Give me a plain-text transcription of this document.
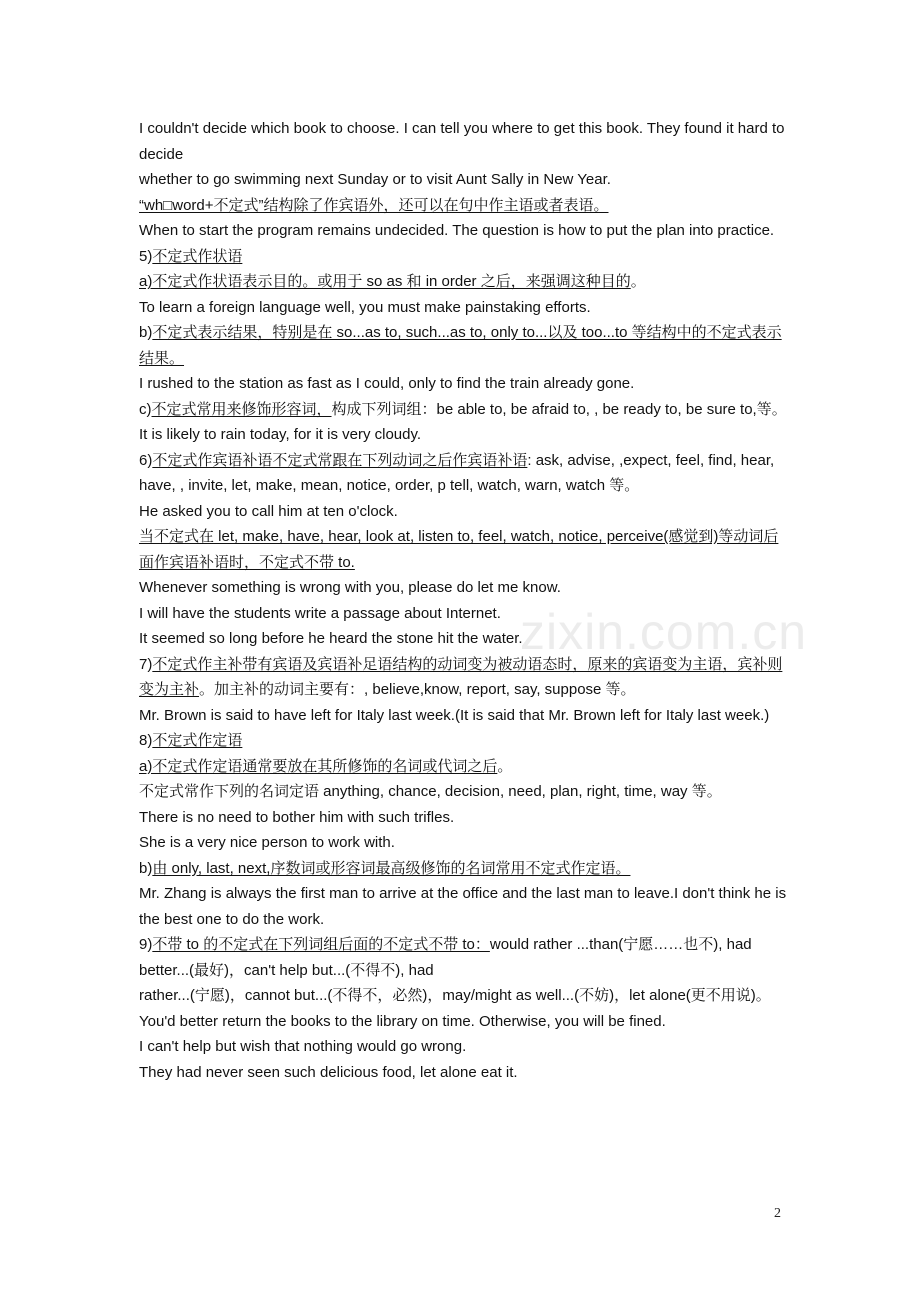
zixin.com.cn

I couldn't decide which book to choose. I can tell you where to get this book. They found it hard to decide

whether to go swimming next Sunday or to visit Aunt Sally in New Year.

“wh□word+不定式”结构除了作宾语外，还可以在句中作主语或者表语。

When to start the program remains undecided. The question is how to put the plan into practice.

5)不定式作状语

a)不定式作状语表示目的。或用于 so as 和 in order 之后，来强调这种目的。

To learn a foreign language well, you must make painstaking efforts.

b)不定式表示结果，特别是在 so...as to, such...as to, only to...以及 too...to 等结构中的不定式表示结果。

I rushed to the station as fast as I could, only to find the train already gone.

c)不定式常用来修饰形容词，构成下列词组：be able to, be afraid to, , be ready to, be sure to,等。

It is likely to rain today, for it is very cloudy.

6)不定式作宾语补语不定式常跟在下列动词之后作宾语补语: ask, advise, ,expect, feel, find, hear, have, , invite, let, make, mean, notice, order, p tell, watch, warn, watch 等。

He asked you to call him at ten o'clock.

当不定式在 let, make, have, hear, look at, listen to, feel, watch, notice, perceive(感觉到)等动词后面作宾语补语时，不定式不带 to.

Whenever something is wrong with you, please do let me know.

I will have the students write a passage about Internet.

It seemed so long before he heard the stone hit the water.

7)不定式作主补带有宾语及宾语补足语结构的动词变为被动语态时，原来的宾语变为主语，宾补则变为主补。加主补的动词主要有：, believe,know, report, say, suppose 等。

Mr. Brown is said to have left for Italy last week.(It is said that Mr. Brown left for Italy last week.)

8)不定式作定语

a)不定式作定语通常要放在其所修饰的名词或代词之后。

不定式常作下列的名词定语 anything, chance, decision, need, plan, right, time, way 等。

There is no need to bother him with such trifles.

She is a very nice person to work with.

b)由 only, last, next,序数词或形容词最高级修饰的名词常用不定式作定语。

Mr. Zhang is always the first man to arrive at the office and the last man to leave.I don't think he is the best one to do the work.

9)不带 to 的不定式在下列词组后面的不定式不带 to：would rather ...than(宁愿……也不), had better...(最好)，can't help but...(不得不), had

rather...(宁愿)，cannot but...(不得不，必然)，may/might as well...(不妨)，let alone(更不用说)。

You'd better return the books to the library on time. Otherwise, you will be fined.

I can't help but wish that nothing would go wrong.

They had never seen such delicious food, let alone eat it.

2
